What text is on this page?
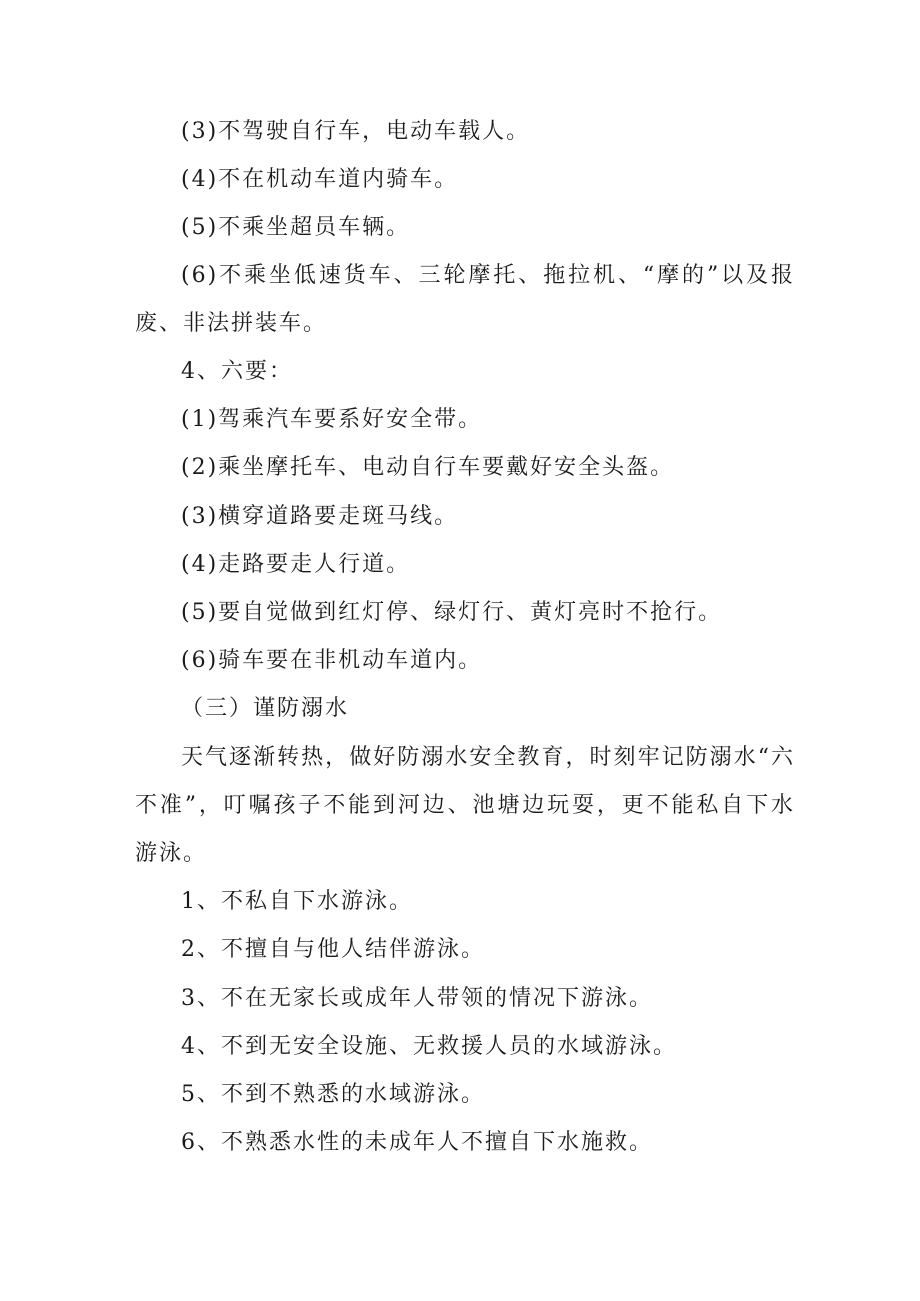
(3)不驾驶自行车，电动车载人。
(4)不在机动车道内骑车。
(5)不乘坐超员车辆。
(6)不乘坐低速货车、三轮摩托、拖拉机、“摩的”以及报废、非法拼装车。
4、六要：
(1)驾乘汽车要系好安全带。
(2)乘坐摩托车、电动自行车要戴好安全头盔。
(3)横穿道路要走斑马线。
(4)走路要走人行道。
(5)要自觉做到红灯停、绿灯行、黄灯亮时不抢行。
(6)骑车要在非机动车道内。
（三）谨防溺水
天气逐渐转热，做好防溺水安全教育，时刻牢记防溺水“六不准”，叮嘱孩子不能到河边、池塘边玩耍，更不能私自下水游泳。
1、不私自下水游泳。
2、不擅自与他人结伴游泳。
3、不在无家长或成年人带领的情况下游泳。
4、不到无安全设施、无救援人员的水域游泳。
5、不到不熟悉的水域游泳。
6、不熟悉水性的未成年人不擅自下水施救。
